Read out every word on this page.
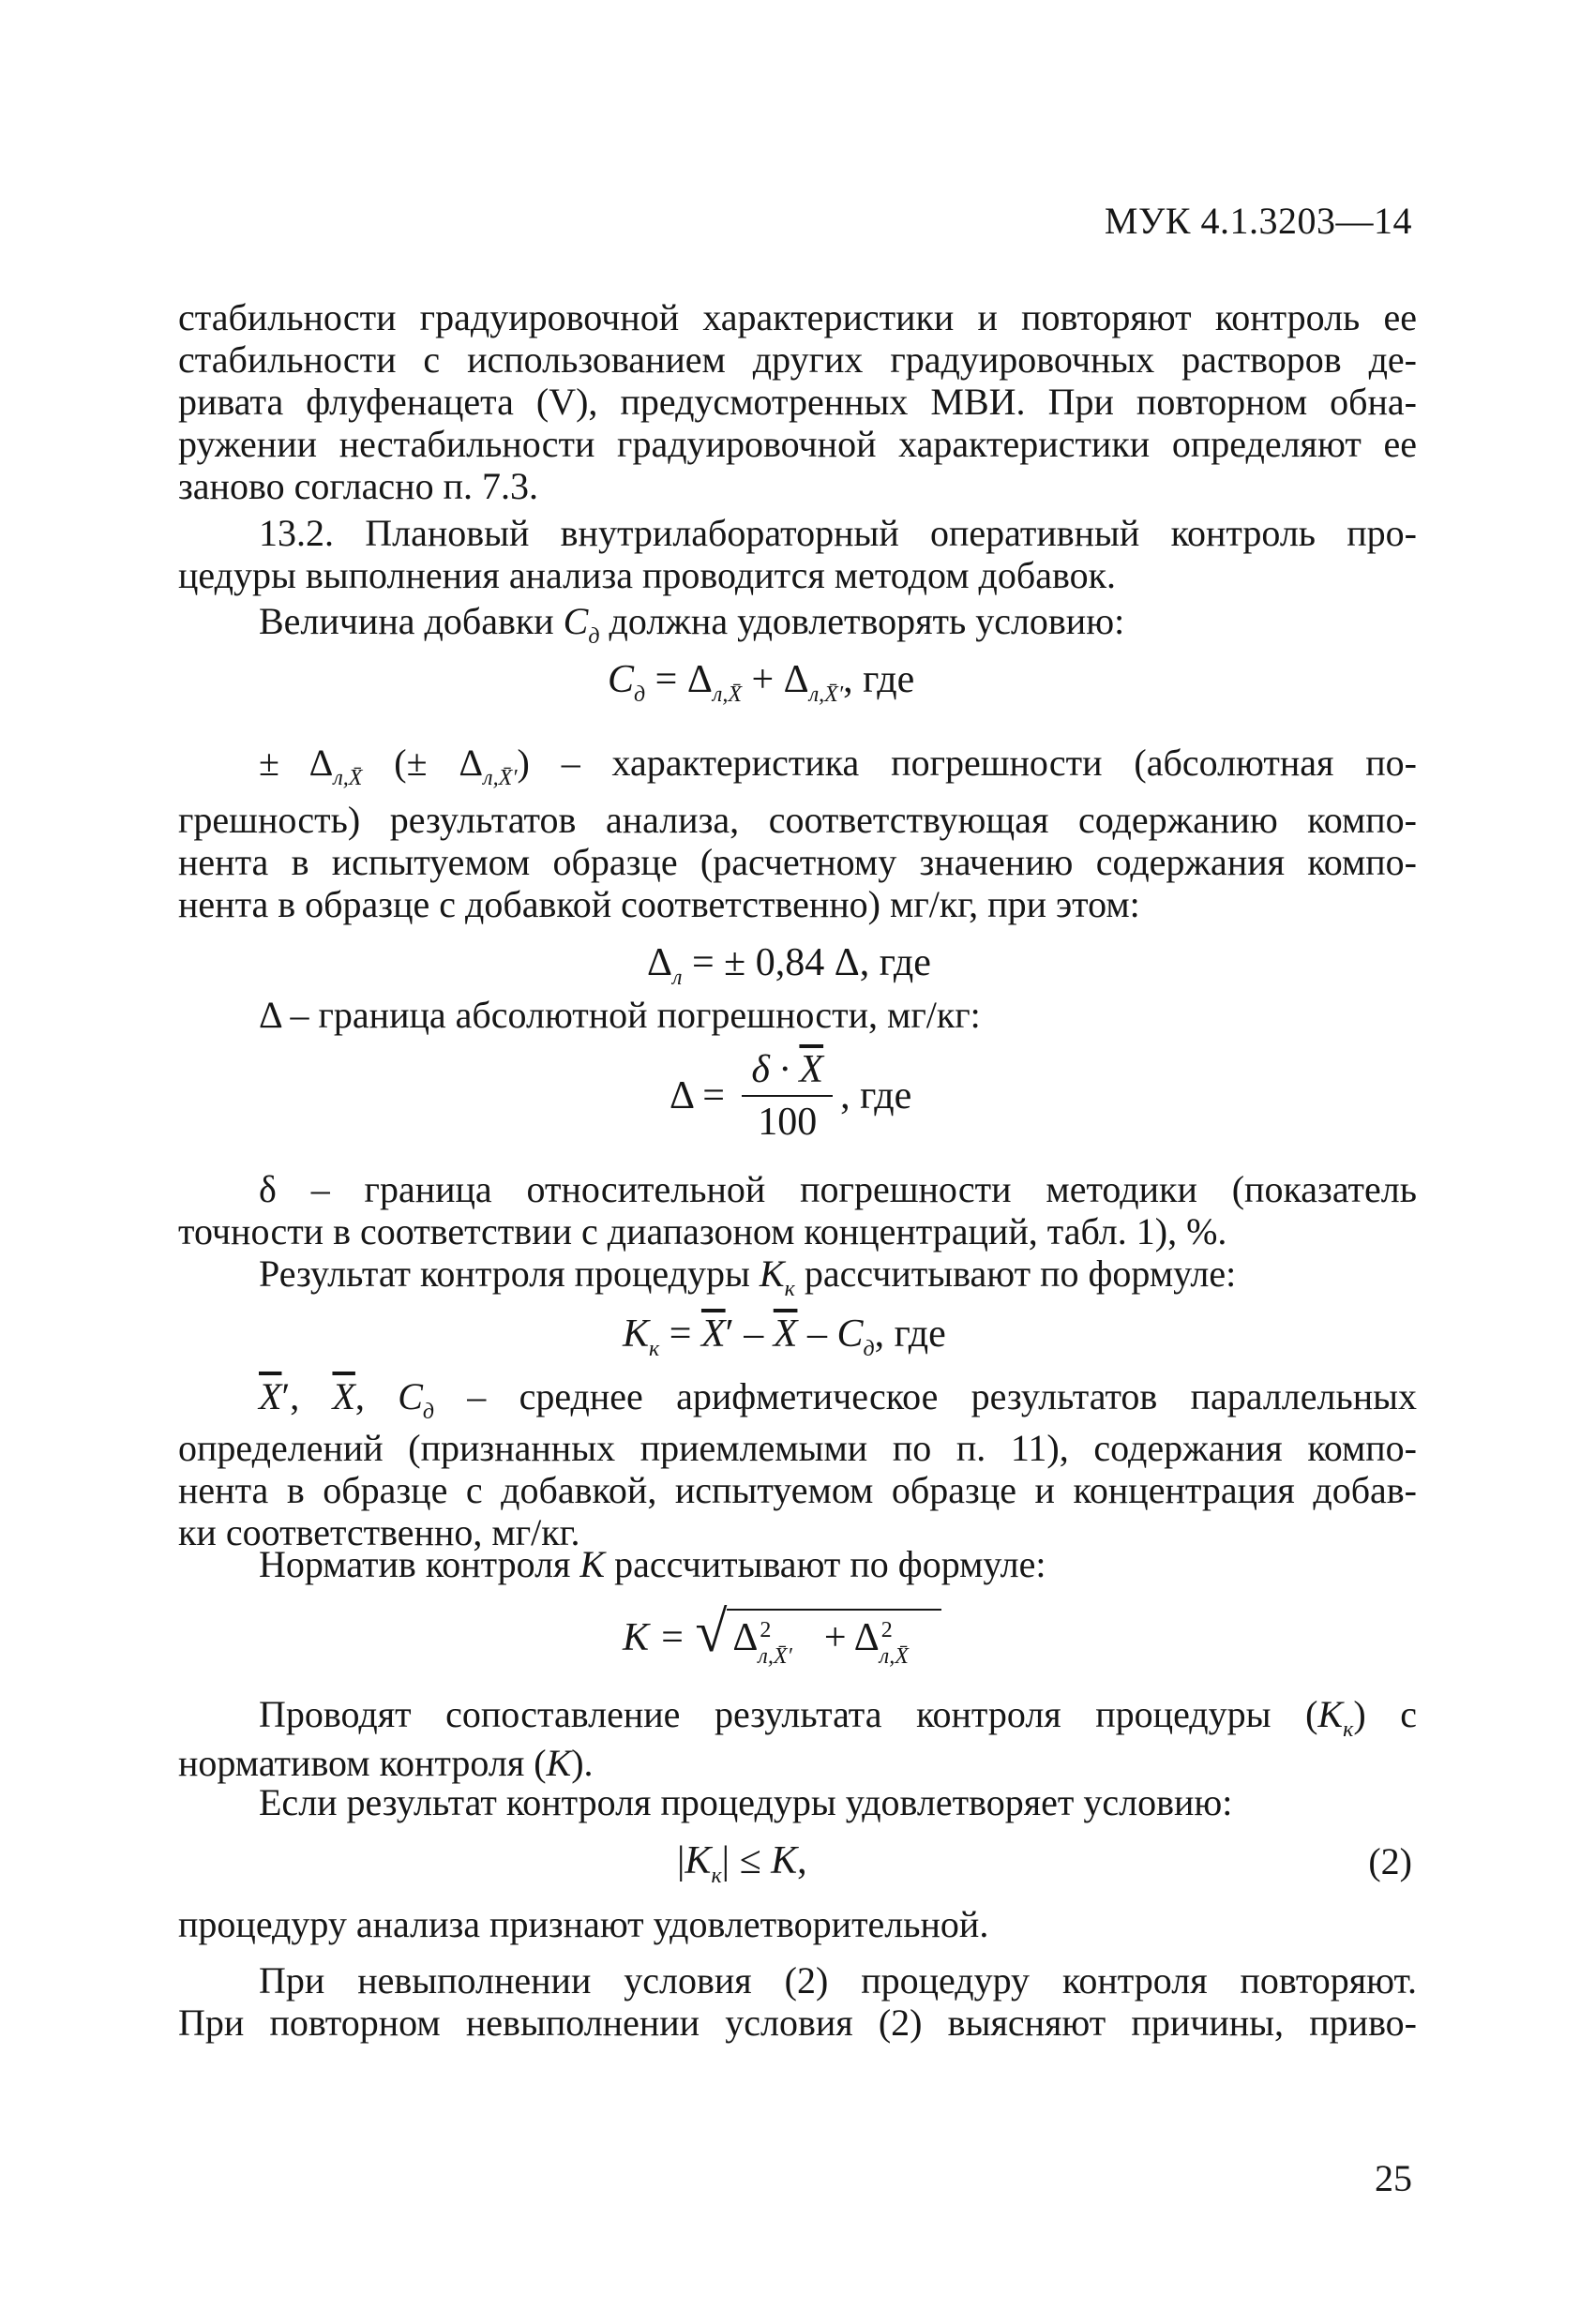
МУК 4.1.3203—14
стабильности градуировочной характеристики и повторяют контроль ее
стабильности с использованием других градуировочных растворов де-
ривата флуфенацета (V), предусмотренных МВИ. При повторном обна-
ружении нестабильности градуировочной характеристики определяют ее
заново согласно п. 7.3.
13.2. Плановый внутрилабораторный оперативный контроль про-
цедуры выполнения анализа проводится методом добавок.
Величина добавки $C_д$ должна удовлетворять условию:
$C_д = \Delta_{л,X̄} + \Delta_{л,X̄'}$, где
± $\Delta_{л,X̄}$ (± $\Delta_{л,X̄'}$) – характеристика погрешности (абсолютная по-
грешность) результатов анализа, соответствующая содержанию компо-
нента в испытуемом образце (расчетному значению содержания компо-
нента в образце с добавкой соответственно) мг/кг, при этом:
$\Delta_л$ = ± 0,84 Δ, где
Δ – граница абсолютной погрешности, мг/кг:
$\Delta = \frac{\delta \cdot \overline{X}}{100}$ , где
δ – граница относительной погрешности методики (показатель
точности в соответствии с диапазоном концентраций, табл. 1), %.
Результат контроля процедуры $K_к$ рассчитывают по формуле:
$K_к = \overline{X}' - \overline{X} - C_д$, где
$\overline{X}'$, $\overline{X}$, $C_д$ – среднее арифметическое результатов параллельных
определений (признанных приемлемыми по п. 11), содержания компо-
нента в образце с добавкой, испытуемом образце и концентрация добав-
ки соответственно, мг/кг.
Норматив контроля K рассчитывают по формуле:
K = √ Δ 2
л,X̄′ + Δ 2
л,X̄
Проводят сопоставление результата контроля процедуры $(K_к)$ с
нормативом контроля (K).
Если результат контроля процедуры удовлетворяет условию:
$|K_к| \le K$,	(2)
процедуру анализа признают удовлетворительной.
При невыполнении условия (2) процедуру контроля повторяют.
При повторном невыполнении условия (2) выясняют причины, приво-
25
